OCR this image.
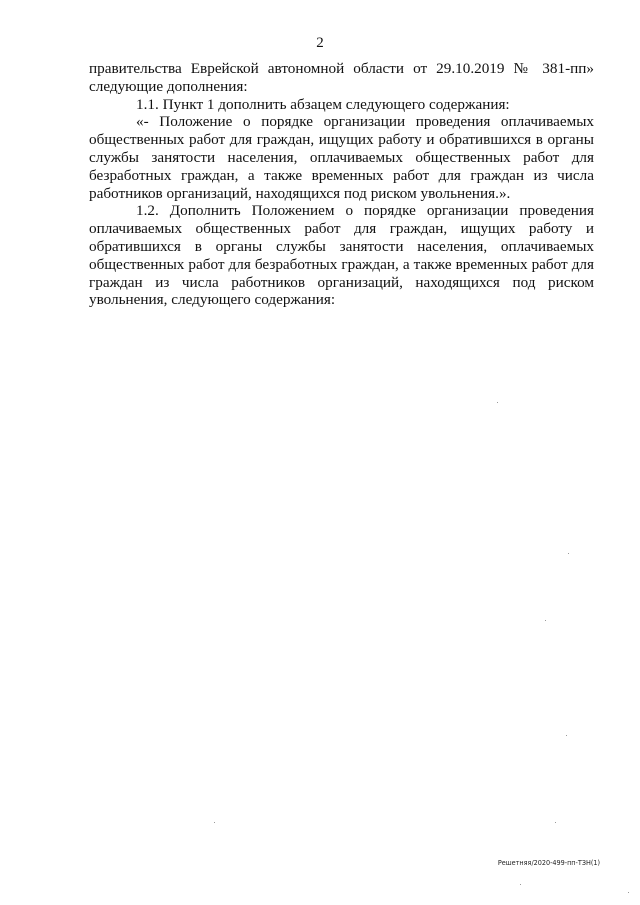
2

правительства Еврейской автономной области от 29.10.2019 № 381-пп» следующие дополнения:

1.1. Пункт 1 дополнить абзацем следующего содержания:

«- Положение о порядке организации проведения оплачиваемых общественных работ для граждан, ищущих работу и обратившихся в органы службы занятости населения, оплачиваемых общественных работ для безработных граждан, а также временных работ для граждан из числа работников организаций, находящихся под риском увольнения.».

1.2. Дополнить Положением о порядке организации проведения оплачиваемых общественных работ для граждан, ищущих работу и обратившихся в органы службы занятости населения, оплачиваемых общественных работ для безработных граждан, а также временных работ для граждан из числа работников организаций, находящихся под риском увольнения, следующего содержания:

Решетняя/2020-499-пп-ТЗН(1)
